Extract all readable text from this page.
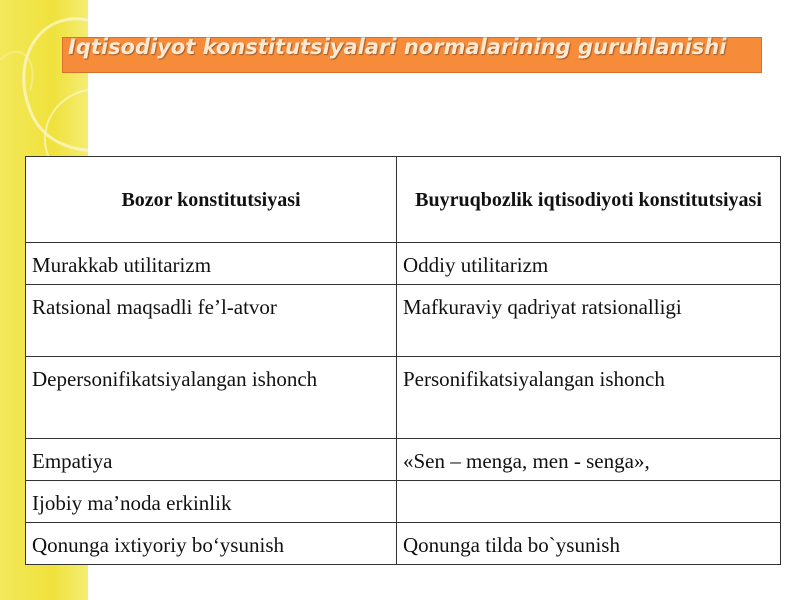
Iqtisodiyot konstitutsiyalari normalarining guruhlanishi
Bozor konstitutsiyasi	Buyruqbozlik iqtisodiyoti konstitutsiyasi
Murakkab utilitarizm	Oddiy utilitarizm
Ratsional maqsadli fe’l-atvor	Mafkuraviy qadriyat ratsionalligi
Depersonifikatsiyalangan ishonch	Personifikatsiyalangan ishonch
Empatiya	«Sen – menga, men - senga»,
Ijobiy ma’noda erkinlik	
Qonunga ixtiyoriy bo‘ysunish	Qonunga tilda bo`ysunish
